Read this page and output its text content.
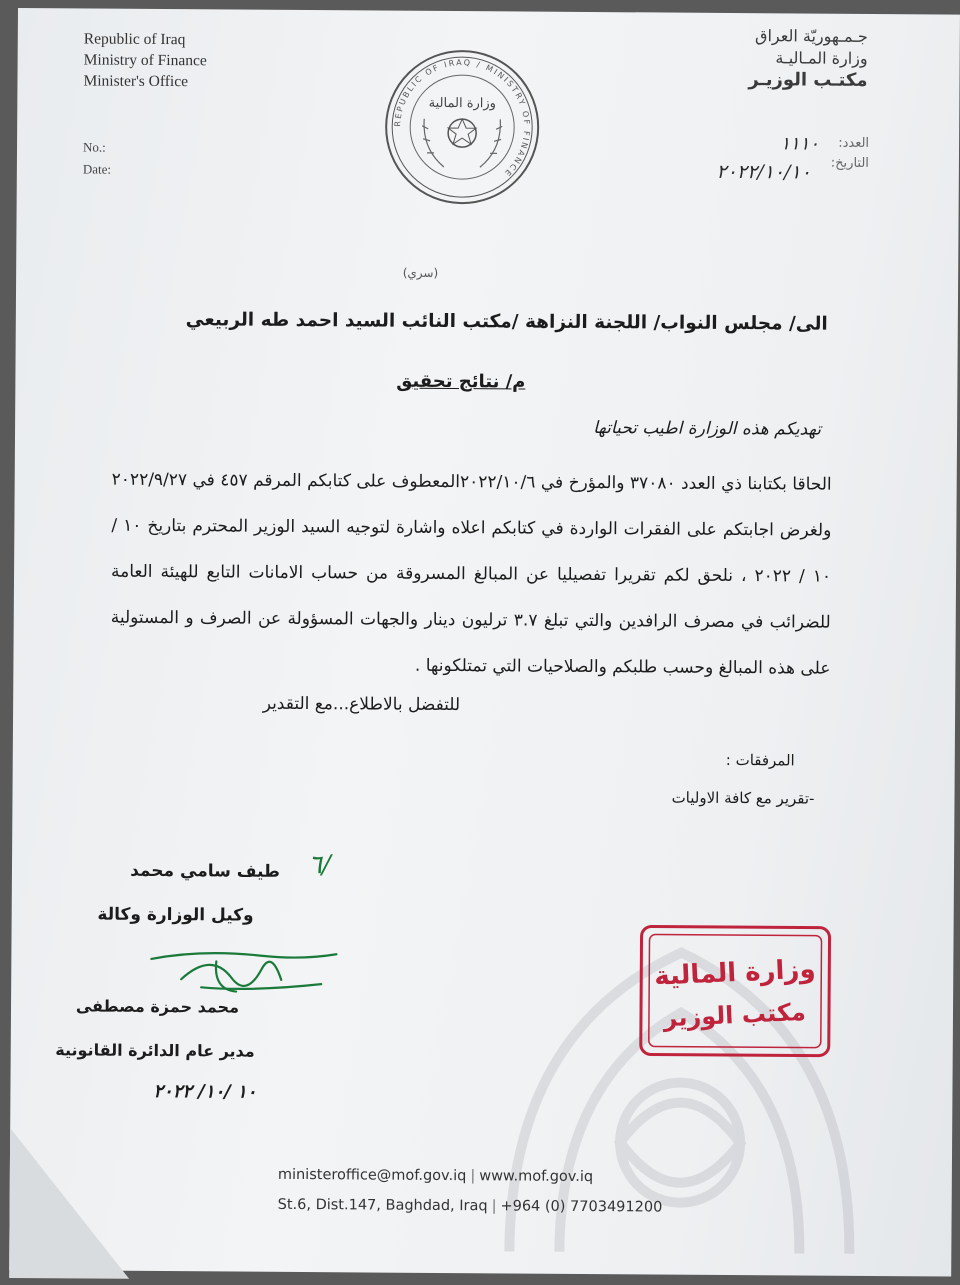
Republic of Iraq
Ministry of Finance
Minister's Office
جـمـهوريّة العراق
وزارة المـاليـة
مكتـب الوزيـر
No.:
Date:
العدد:
التاريخ:
١١١٠
٢٠٢٢/١٠/١٠
REPUBLIC OF IRAQ / MINISTRY OF FINANCE
وزارة المالية
(سري)
الى/ مجلس النواب/ اللجنة النزاهة /مكتب النائب السيد احمد طه الربيعي
م/ نتائج تحقيق
تهديكم هذه الوزارة اطيب تحياتها
الحاقا بكتابنا ذي العدد ٣٧٠٨٠ والمؤرخ في ٢٠٢٢/١٠/٦المعطوف على كتابكم المرقم ٤٥٧ في ٢٠٢٢/٩/٢٧ ولغرض اجابتكم على الفقرات الواردة في كتابكم اعلاه واشارة لتوجيه السيد الوزير المحترم بتاريخ ١٠ / ١٠ / ٢٠٢٢ ، نلحق لكم تقريرا تفصيليا عن المبالغ المسروقة من حساب الامانات التابع للهيئة العامة للضرائب في مصرف الرافدين والتي تبلغ ٣.٧ ترليون دينار والجهات المسؤولة عن الصرف و المستولية على هذه المبالغ وحسب طلبكم والصلاحيات التي تمتلكونها .
للتفضل بالاطلاع...مع التقدير
المرفقات :
-تقرير مع كافة الاوليات
٦/
طيف سامي محمد
وكيل الوزارة وكالة
محمد حمزة مصطفى
مدير عام الدائرة القانونية
١٠ /١٠/ ٢٠٢٢
وزارة المالية
مكتب الوزير
ministeroffice@mof.gov.iq | www.mof.gov.iq
St.6, Dist.147, Baghdad, Iraq | +964 (0) 7703491200
